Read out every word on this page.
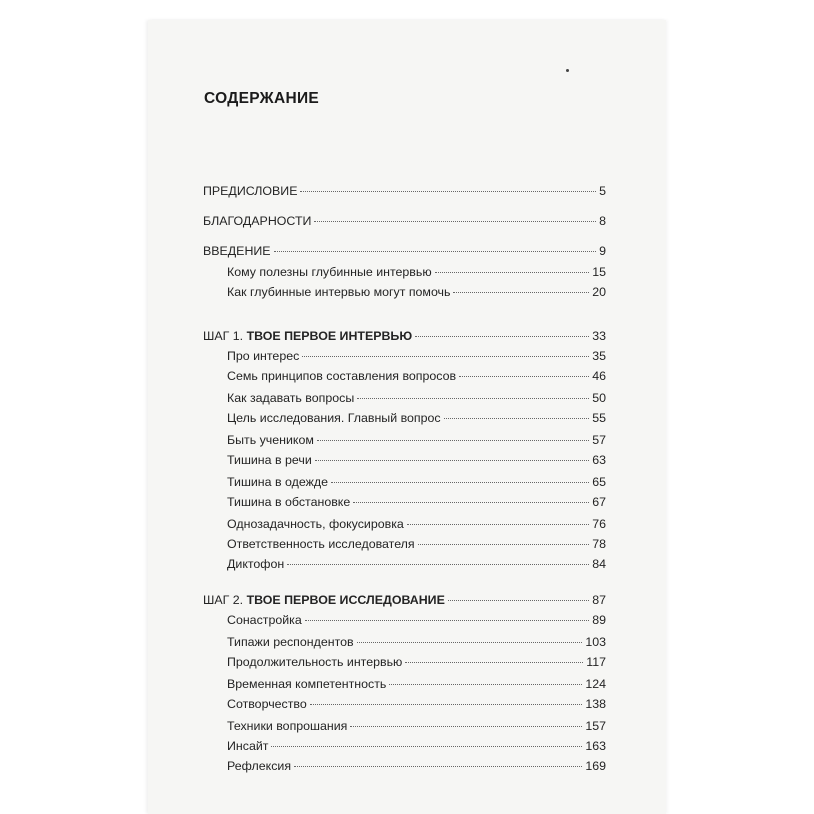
СОДЕРЖАНИЕ
ПРЕДИСЛОВИЕ	5
БЛАГОДАРНОСТИ	8
ВВЕДЕНИЕ	9
Кому полезны глубинные интервью	15
Как глубинные интервью могут помочь	20
ШАГ 1. ТВОЕ ПЕРВОЕ ИНТЕРВЬЮ	33
Про интерес	35
Семь принципов составления вопросов	46
Как задавать вопросы	50
Цель исследования. Главный вопрос	55
Быть учеником	57
Тишина в речи	63
Тишина в одежде	65
Тишина в обстановке	67
Однозадачность, фокусировка	76
Ответственность исследователя	78
Диктофон	84
ШАГ 2. ТВОЕ ПЕРВОЕ ИССЛЕДОВАНИЕ	87
Сонастройка	89
Типажи респондентов	103
Продолжительность интервью	117
Временная компетентность	124
Сотворчество	138
Техники вопрошания	157
Инсайт	163
Рефлексия	169
